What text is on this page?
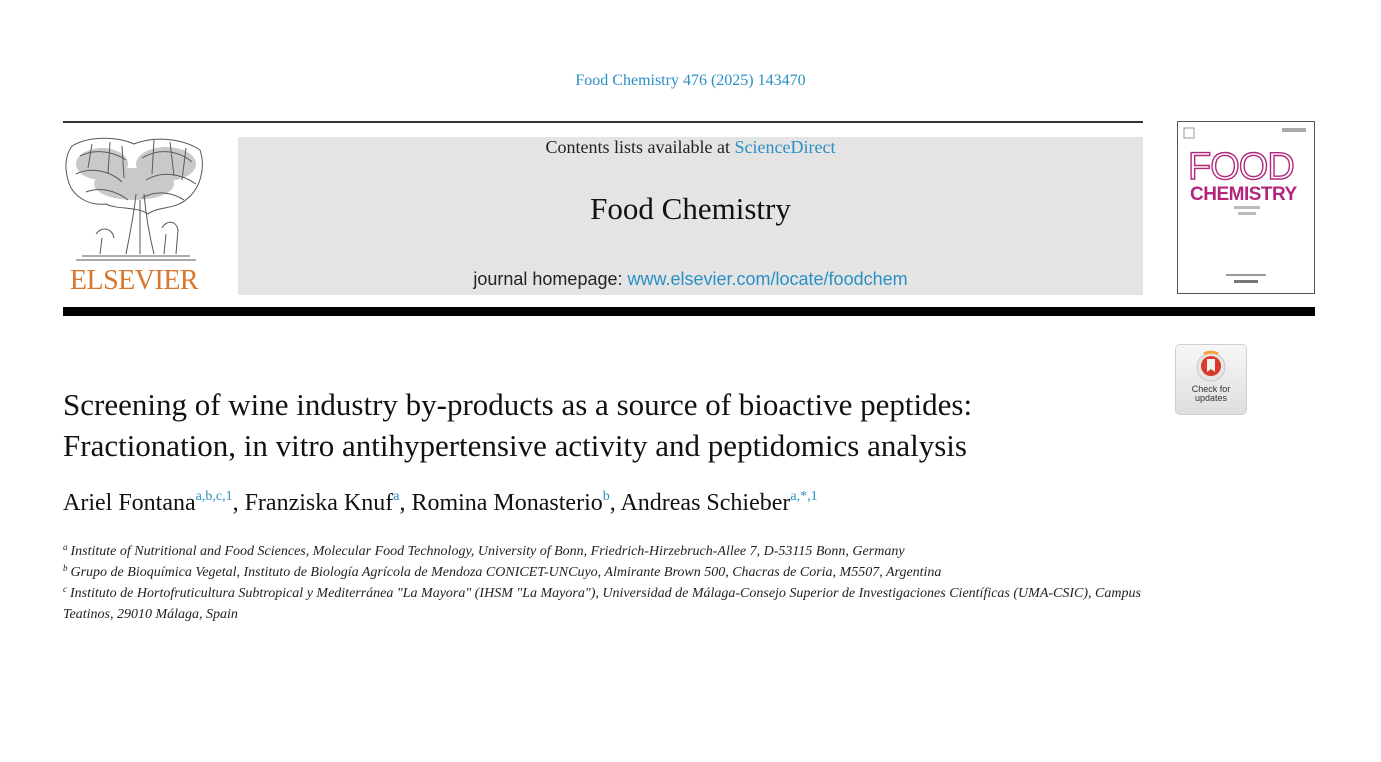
Food Chemistry 476 (2025) 143470
ELSEVIER
Contents lists available at ScienceDirect
Food Chemistry
journal homepage: www.elsevier.com/locate/foodchem
FOOD
CHEMISTRY
Check for
updates
Screening of wine industry by-products as a source of bioactive peptides:
Fractionation, in vitro antihypertensive activity and peptidomics analysis
Ariel Fontana$^{a,b,c,1}$, Franziska Knuf$^a$, Romina Monasterio$^b$, Andreas Schieber$^{a,*,1}$
$^a$ Institute of Nutritional and Food Sciences, Molecular Food Technology, University of Bonn, Friedrich-Hirzebruch-Allee 7, D-53115 Bonn, Germany
$^b$ Grupo de Bioquímica Vegetal, Instituto de Biología Agrícola de Mendoza CONICET-UNCuyo, Almirante Brown 500, Chacras de Coria, M5507, Argentina
$^c$ Instituto de Hortofruticultura Subtropical y Mediterránea "La Mayora" (IHSM "La Mayora"), Universidad de Málaga-Consejo Superior de Investigaciones Científicas (UMA-CSIC), Campus Teatinos, 29010 Málaga, Spain
